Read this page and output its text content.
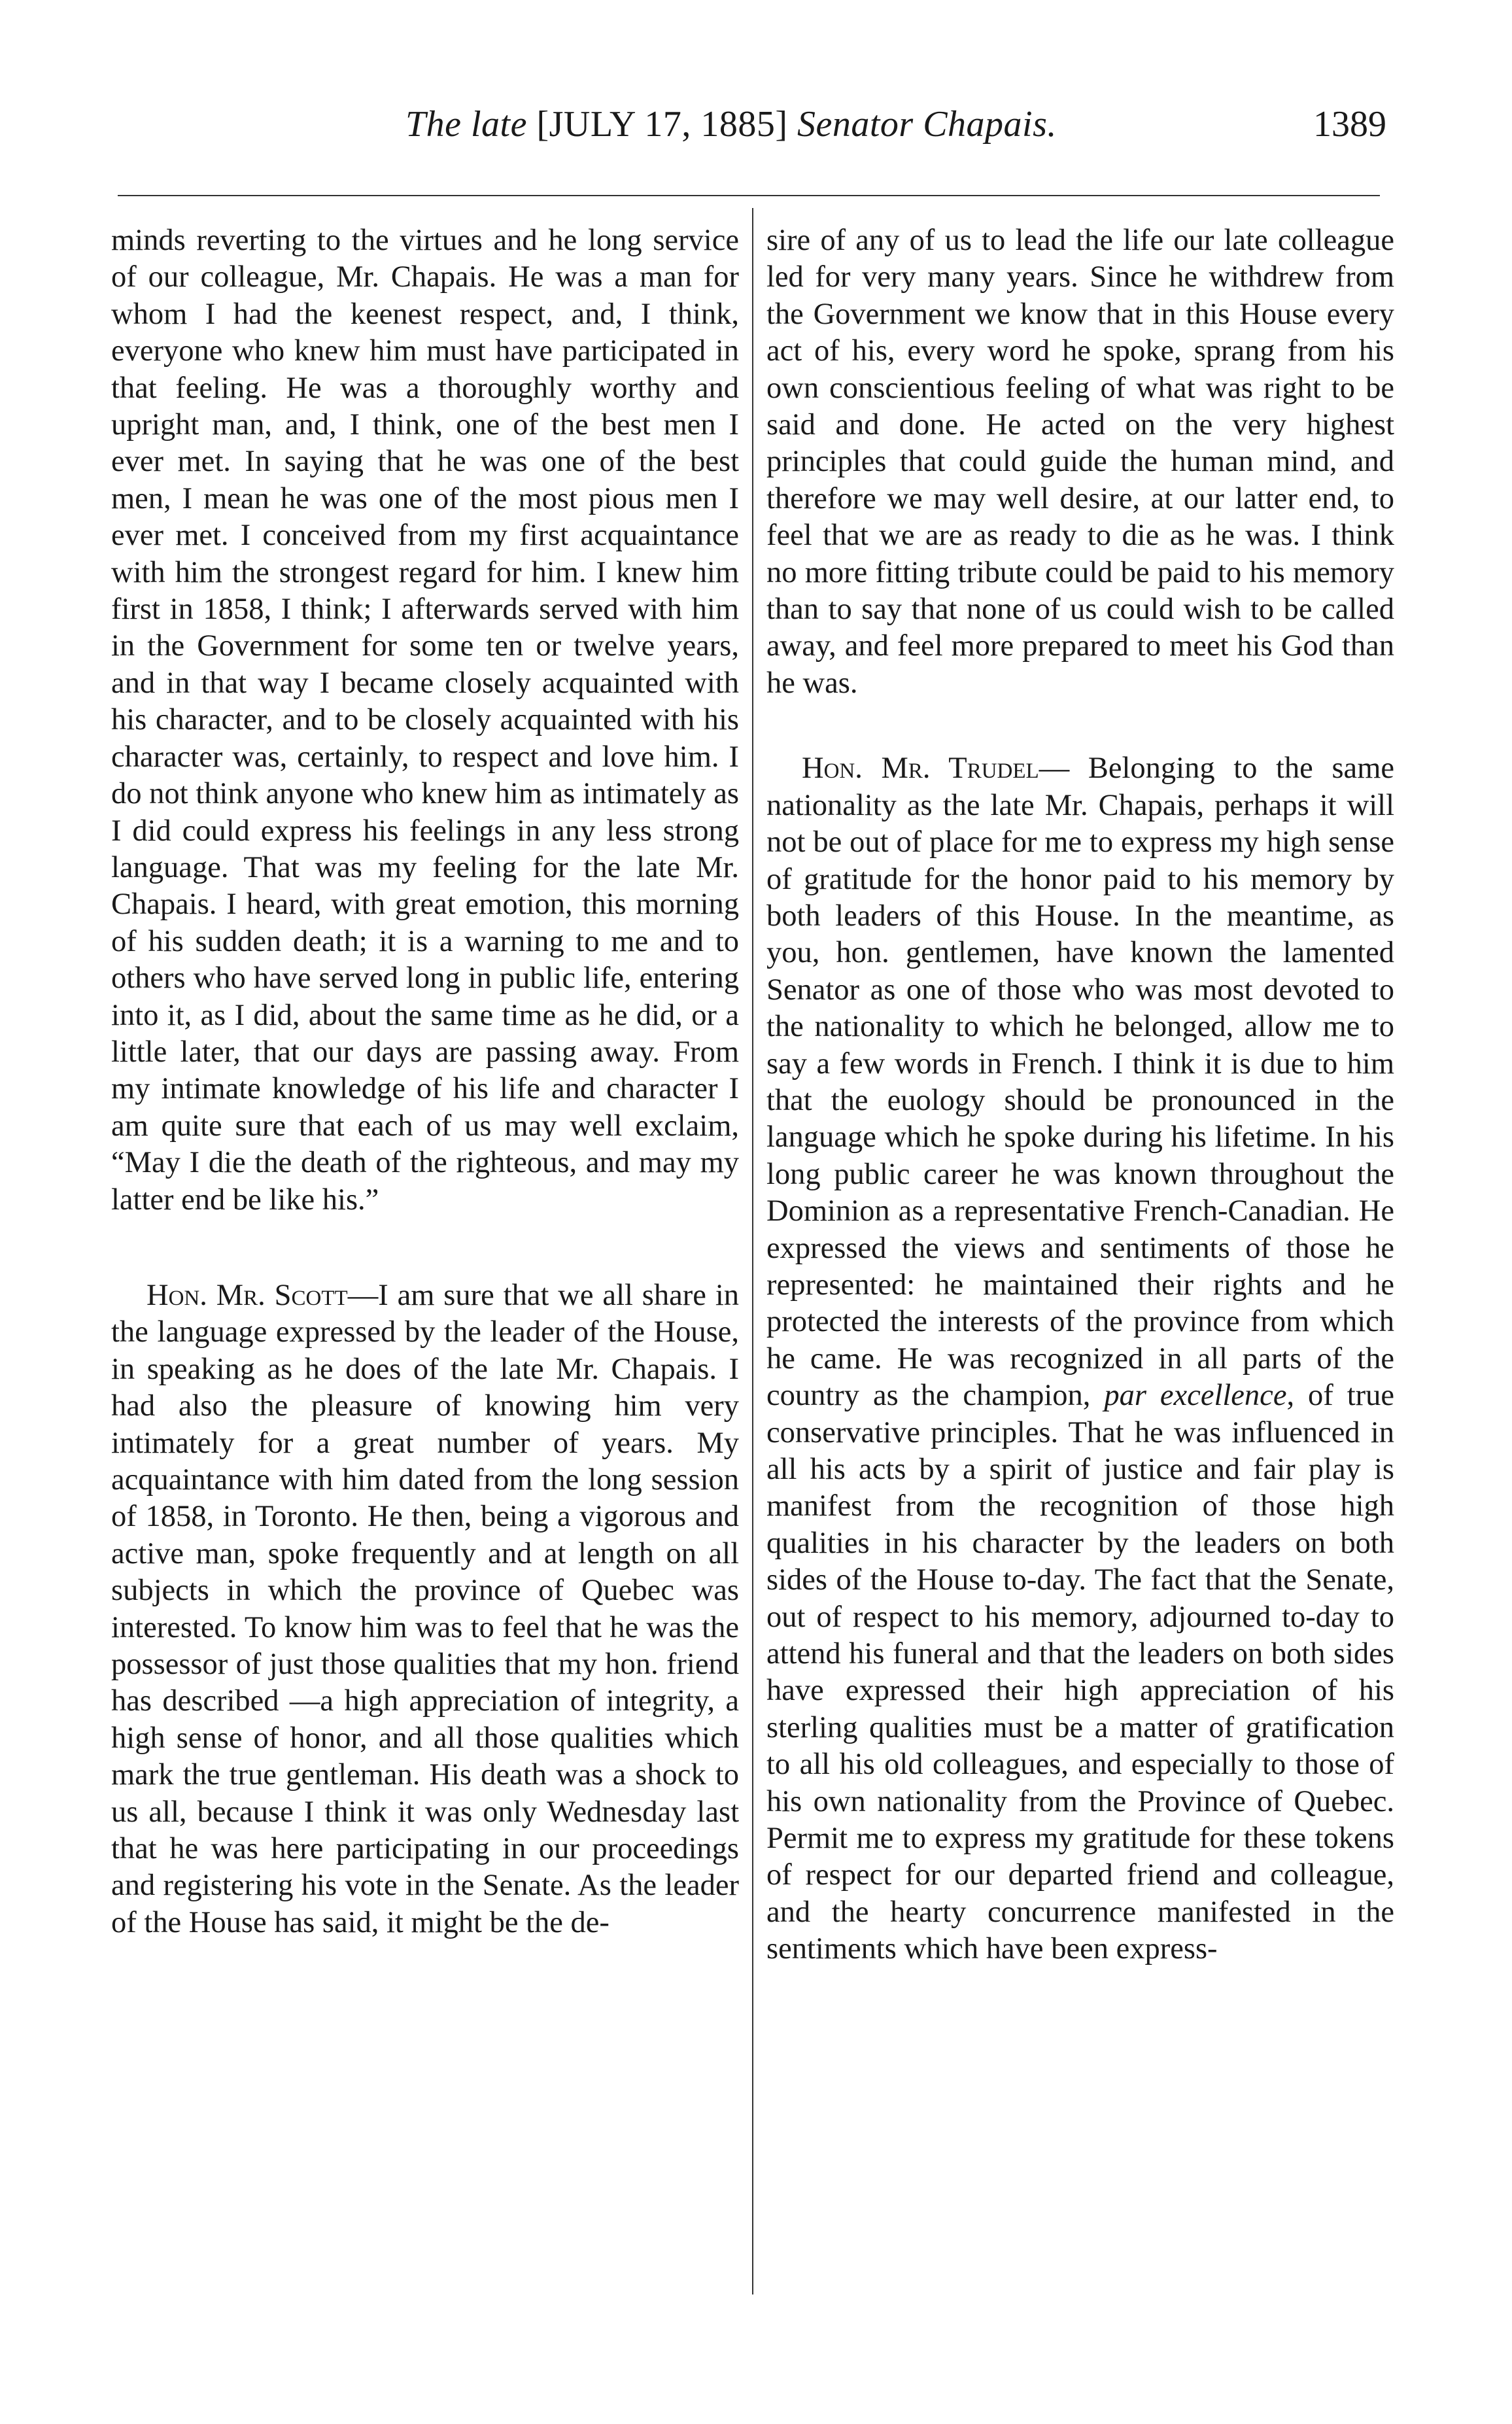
The late [JULY 17, 1885] Senator Chapais.	1389

minds reverting to the virtues and he long service of our colleague, Mr. Chapais. He was a man for whom I had the keenest respect, and, I think, everyone who knew him must have participated in that feeling. He was a thoroughly worthy and upright man, and, I think, one of the best men I ever met. In saying that he was one of the best men, I mean he was one of the most pious men I ever met. I conceived from my first acquaintance with him the strongest regard for him. I knew him first in 1858, I think; I afterwards served with him in the Government for some ten or twelve years, and in that way I became closely acquainted with his character, and to be closely acquainted with his character was, certainly, to respect and love him. I do not think anyone who knew him as intimately as I did could express his feelings in any less strong language. That was my feeling for the late Mr. Chapais. I heard, with great emotion, this morning of his sudden death; it is a warning to me and to others who have served long in public life, entering into it, as I did, about the same time as he did, or a little later, that our days are passing away. From my intimate knowledge of his life and character I am quite sure that each of us may well exclaim, “May I die the death of the righteous, and may my latter end be like his.”

Hon. Mr. Scott—I am sure that we all share in the language expressed by the leader of the House, in speaking as he does of the late Mr. Chapais. I had also the pleasure of knowing him very intimately for a great number of years. My acquaintance with him dated from the long session of 1858, in Toronto. He then, being a vigorous and active man, spoke frequently and at length on all subjects in which the province of Quebec was interested. To know him was to feel that he was the possessor of just those qualities that my hon. friend has described —a high appreciation of integrity, a high sense of honor, and all those qualities which mark the true gentleman. His death was a shock to us all, because I think it was only Wednesday last that he was here participating in our proceedings and registering his vote in the Senate. As the leader of the House has said, it might be the de-

sire of any of us to lead the life our late colleague led for very many years. Since he withdrew from the Government we know that in this House every act of his, every word he spoke, sprang from his own conscientious feeling of what was right to be said and done. He acted on the very highest principles that could guide the human mind, and therefore we may well desire, at our latter end, to feel that we are as ready to die as he was. I think no more fitting tribute could be paid to his memory than to say that none of us could wish to be called away, and feel more prepared to meet his God than he was.

Hon. Mr. Trudel— Belonging to the same nationality as the late Mr. Chapais, perhaps it will not be out of place for me to express my high sense of gratitude for the honor paid to his memory by both leaders of this House. In the meantime, as you, hon. gentlemen, have known the lamented Senator as one of those who was most devoted to the nationality to which he belonged, allow me to say a few words in French. I think it is due to him that the euology should be pronounced in the language which he spoke during his lifetime. In his long public career he was known throughout the Dominion as a representative French-Canadian. He expressed the views and sentiments of those he represented: he maintained their rights and he protected the interests of the province from which he came. He was recognized in all parts of the country as the champion, par excellence, of true conservative principles. That he was influenced in all his acts by a spirit of justice and fair play is manifest from the recognition of those high qualities in his character by the leaders on both sides of the House to-day. The fact that the Senate, out of respect to his memory, adjourned to-day to attend his funeral and that the leaders on both sides have expressed their high appreciation of his sterling qualities must be a matter of gratification to all his old colleagues, and especially to those of his own nationality from the Province of Quebec. Permit me to express my gratitude for these tokens of respect for our departed friend and colleague, and the hearty concurrence manifested in the sentiments which have been express-
